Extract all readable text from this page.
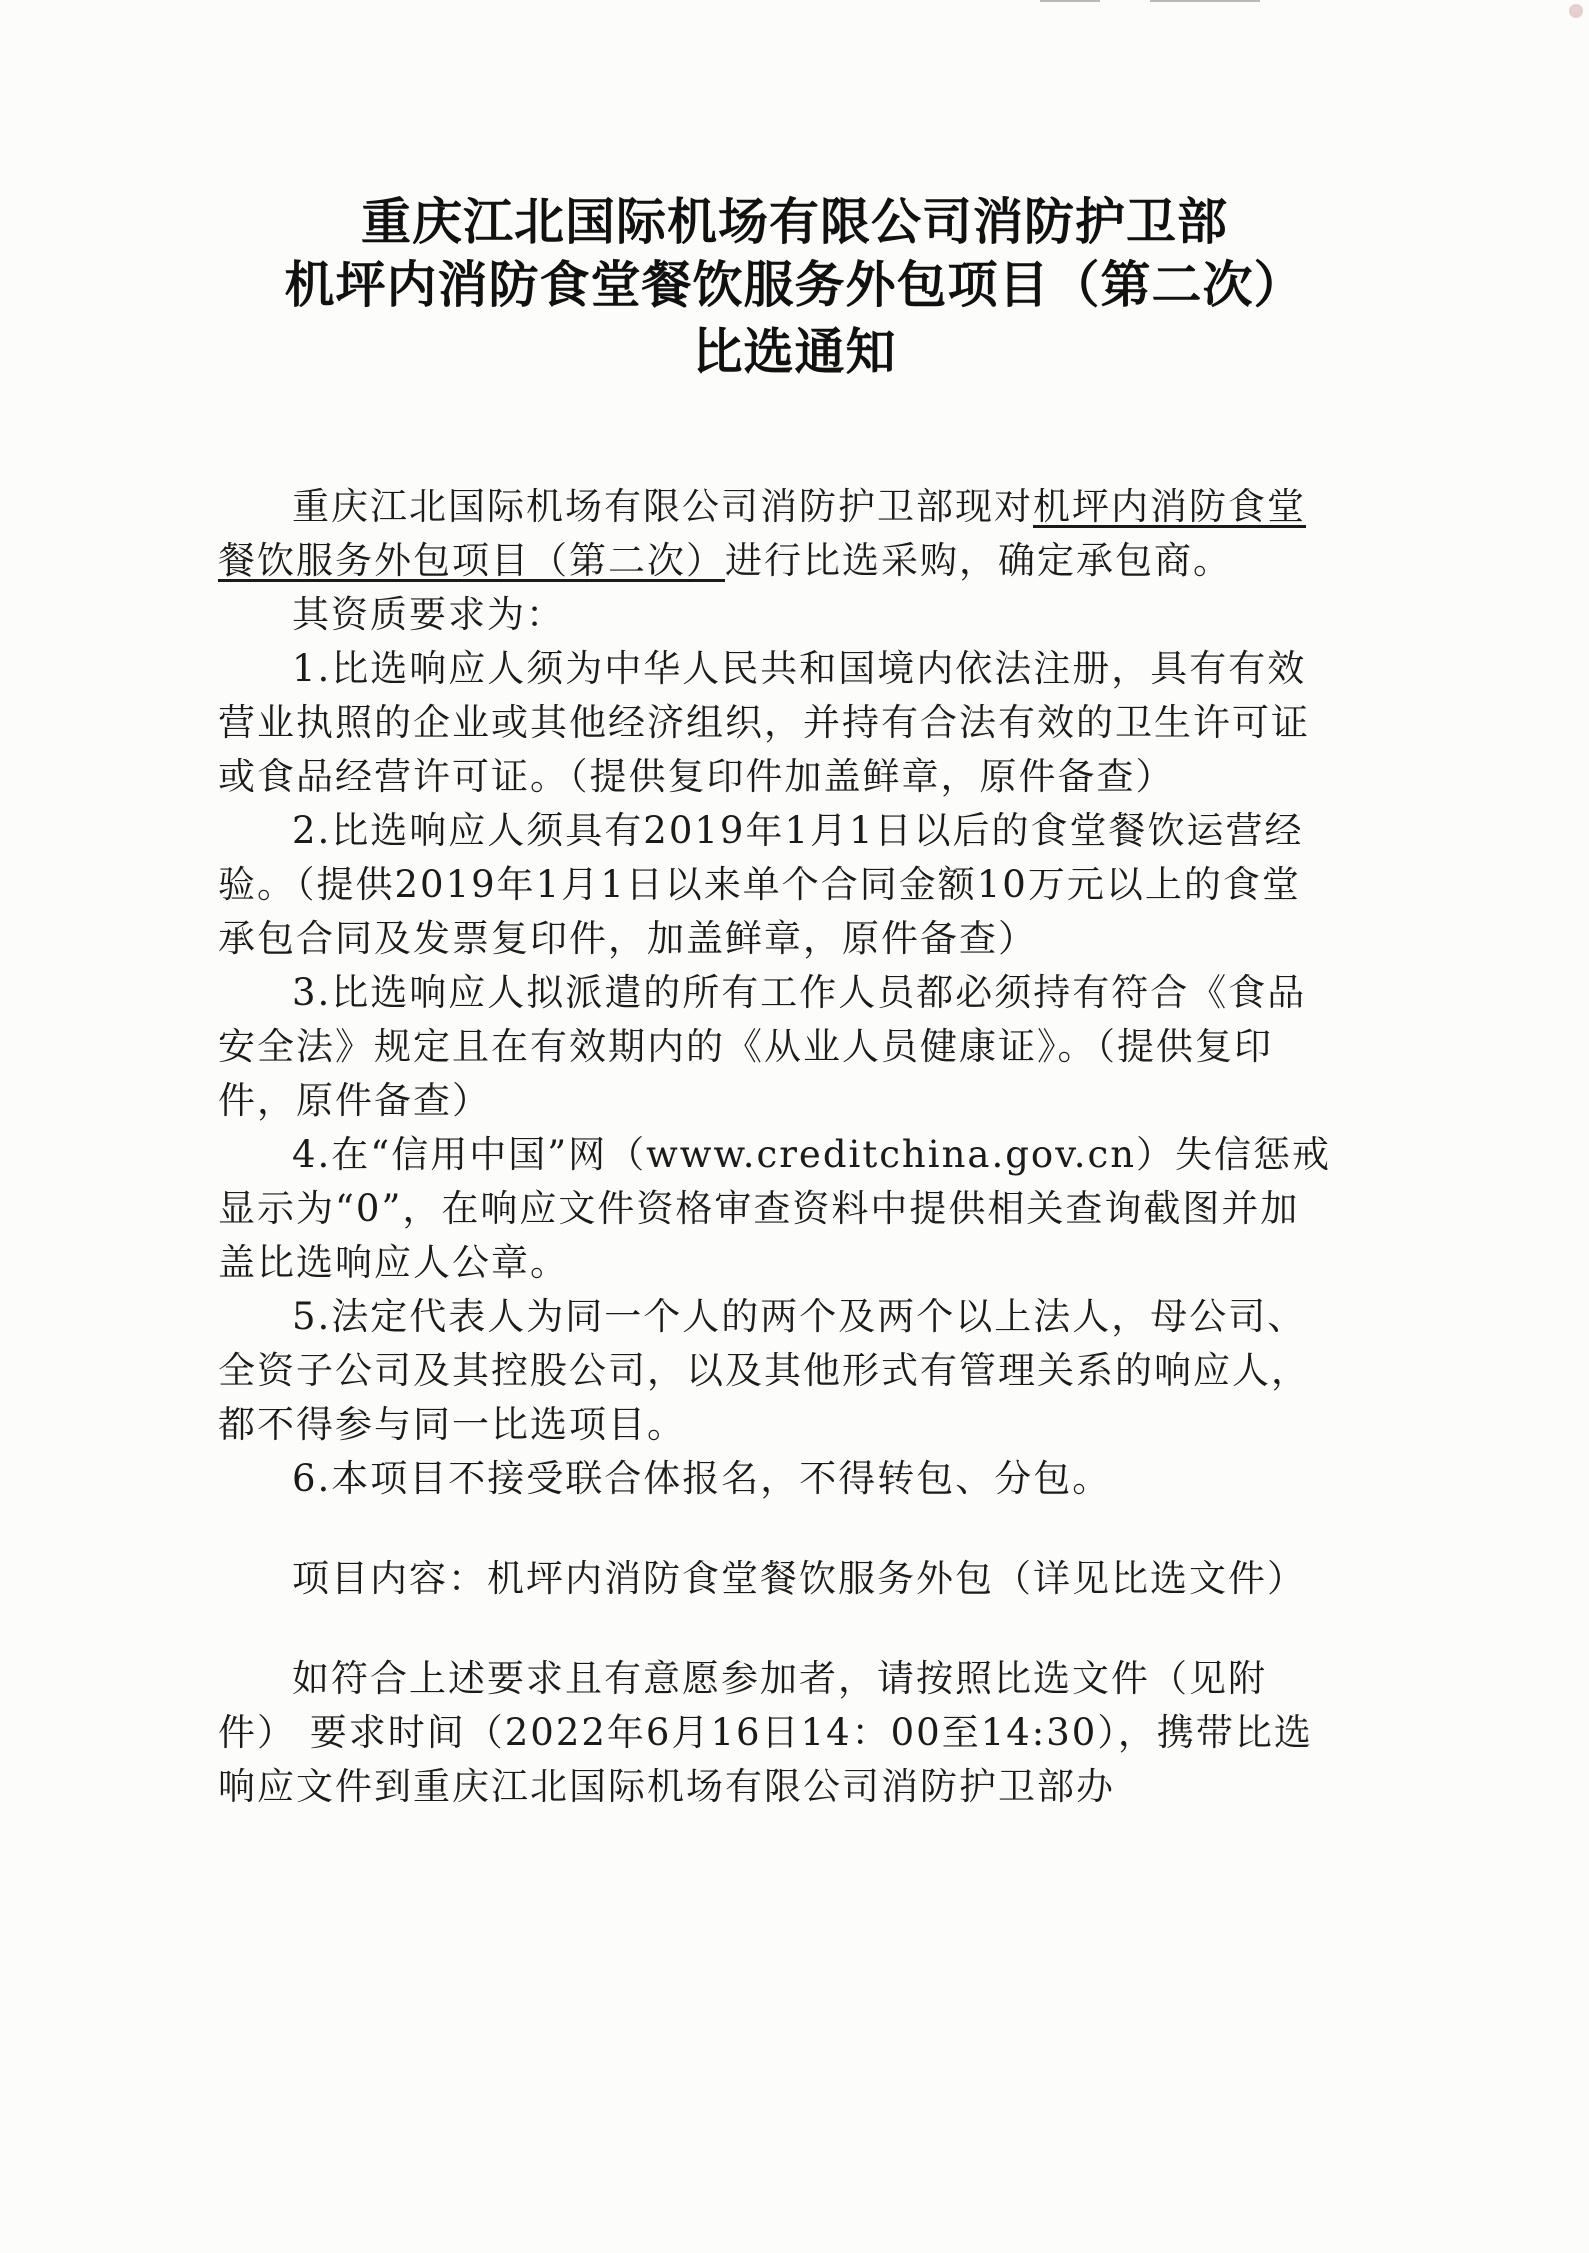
重庆江北国际机场有限公司消防护卫部
机坪内消防食堂餐饮服务外包项目（第二次）
比选通知

重庆江北国际机场有限公司消防护卫部现对机坪内消防食堂餐饮服务外包项目（第二次）进行比选采购，确定承包商。

其资质要求为：

1.比选响应人须为中华人民共和国境内依法注册，具有有效营业执照的企业或其他经济组织，并持有合法有效的卫生许可证或食品经营许可证。（提供复印件加盖鲜章，原件备查）

2.比选响应人须具有2019年1月1日以后的食堂餐饮运营经验。（提供2019年1月1日以来单个合同金额10万元以上的食堂承包合同及发票复印件，加盖鲜章，原件备查）

3.比选响应人拟派遣的所有工作人员都必须持有符合《食品安全法》规定且在有效期内的《从业人员健康证》。（提供复印件，原件备查）

4.在“信用中国”网（www.creditchina.gov.cn）失信惩戒显示为“0”，在响应文件资格审查资料中提供相关查询截图并加盖比选响应人公章。

5.法定代表人为同一个人的两个及两个以上法人，母公司、全资子公司及其控股公司，以及其他形式有管理关系的响应人，都不得参与同一比选项目。

6.本项目不接受联合体报名，不得转包、分包。

项目内容：机坪内消防食堂餐饮服务外包（详见比选文件）

如符合上述要求且有意愿参加者，请按照比选文件（见附件） 要求时间（2022年6月16日14：00至14:30），携带比选响应文件到重庆江北国际机场有限公司消防护卫部办
